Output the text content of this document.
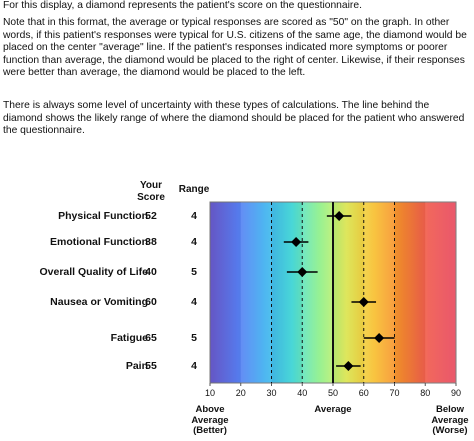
For this display, a diamond represents the patient's score on the questionnaire.

Note that in this format, the average or typical responses are scored as "50" on the graph. In other words, if this patient's responses were typical for U.S. citizens of the same age, the diamond would be placed on the center "average" line. If the patient's responses indicated more symptoms or poorer function than average, the diamond would be placed to the right of center. Likewise, if their responses were better than average, the diamond would be placed to the left.

There is always some level of uncertainty with these types of calculations. The line behind the diamond shows the likely range of where the diamond should be placed for the patient who answered the questionnaire.

Your Score
Range
Physical Function
52	4
Emotional Function
38	4
Overall Quality of Life
40	5
Nausea or Vomiting
60	4
Fatigue
65	5
Pain
55	4
10 20 30 40 50 60 70 80 90
Above Average (Better)
Average	Below Average (Worse)
